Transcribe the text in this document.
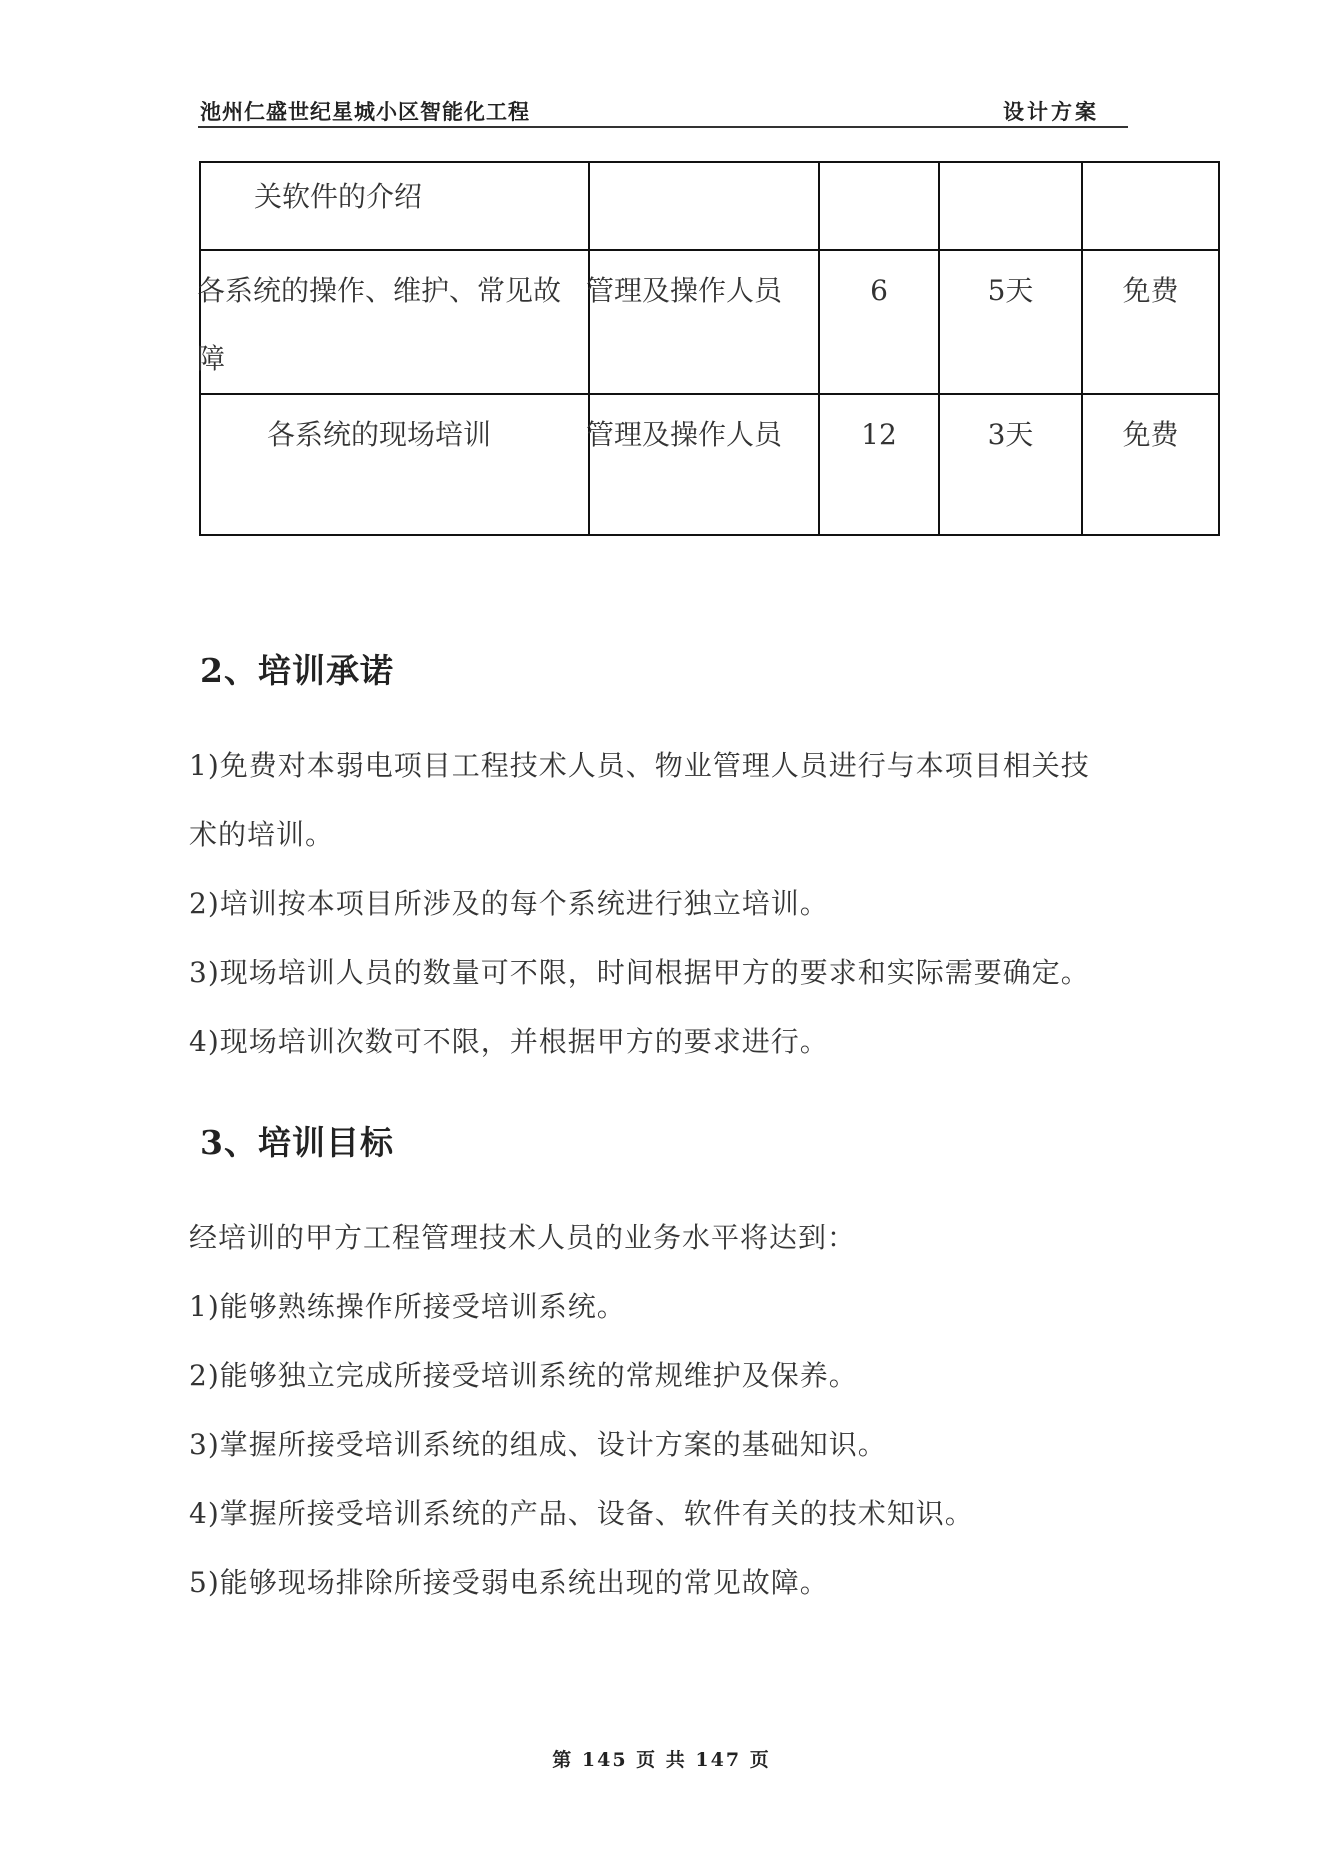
池州仁盛世纪星城小区智能化工程	设计方案
关软件的介绍				

各系统的操作、维护、常见故障	管理及操作人员	6	5天	免费

各系统的现场培训	管理及操作人员	12	3天	免费
2、培训承诺

1)免费对本弱电项目工程技术人员、物业管理人员进行与本项目相关技

术的培训。

2)培训按本项目所涉及的每个系统进行独立培训。

3)现场培训人员的数量可不限，时间根据甲方的要求和实际需要确定。

4)现场培训次数可不限，并根据甲方的要求进行。

3、培训目标

经培训的甲方工程管理技术人员的业务水平将达到：

1)能够熟练操作所接受培训系统。

2)能够独立完成所接受培训系统的常规维护及保养。

3)掌握所接受培训系统的组成、设计方案的基础知识。

4)掌握所接受培训系统的产品、设备、软件有关的技术知识。

5)能够现场排除所接受弱电系统出现的常见故障。

第 145 页 共 147 页
